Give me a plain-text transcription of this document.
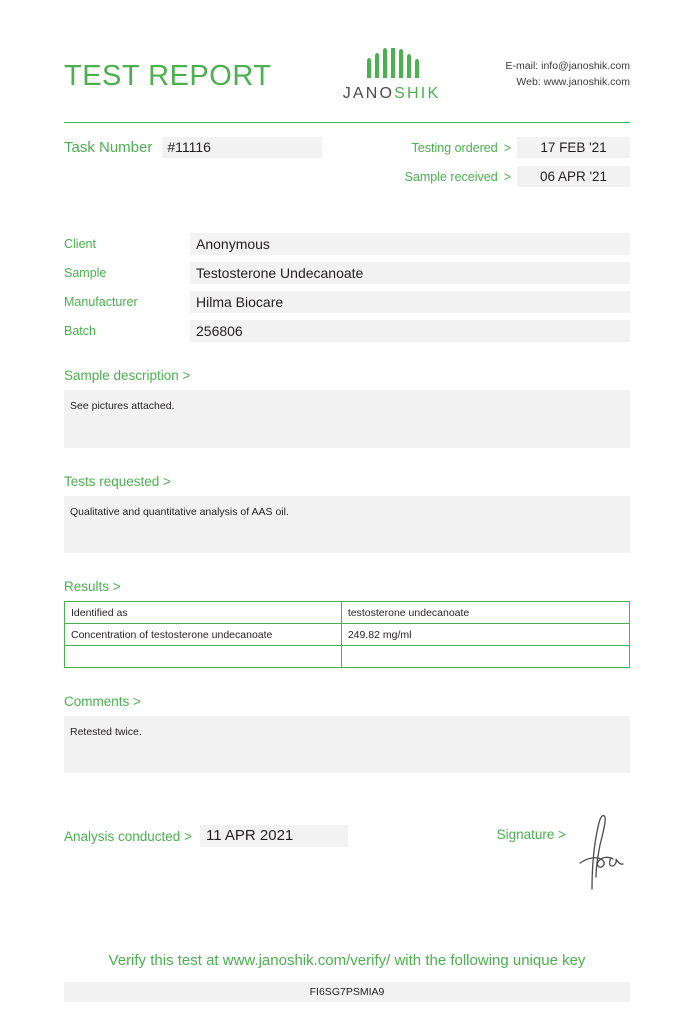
TEST REPORT
JANOSHIK
E-mail: info@janoshik.com
Web: www.janoshik.com
Task Number	#11116	Testing ordered >	17 FEB '21
Sample received >	06 APR '21
Client	Anonymous
Sample	Testosterone Undecanoate
Manufacturer	Hilma Biocare
Batch	256806
Sample description >
See pictures attached.
Tests requested >
Qualitative and quantitative analysis of AAS oil.
Results >
Identified as	testosterone undecanoate
Concentration of testosterone undecanoate	249.82 mg/ml

Comments >
Retested twice.
Analysis conducted > 11 APR 2021	Signature >
Verify this test at www.janoshik.com/verify/ with the following unique key
FI6SG7PSMIA9
